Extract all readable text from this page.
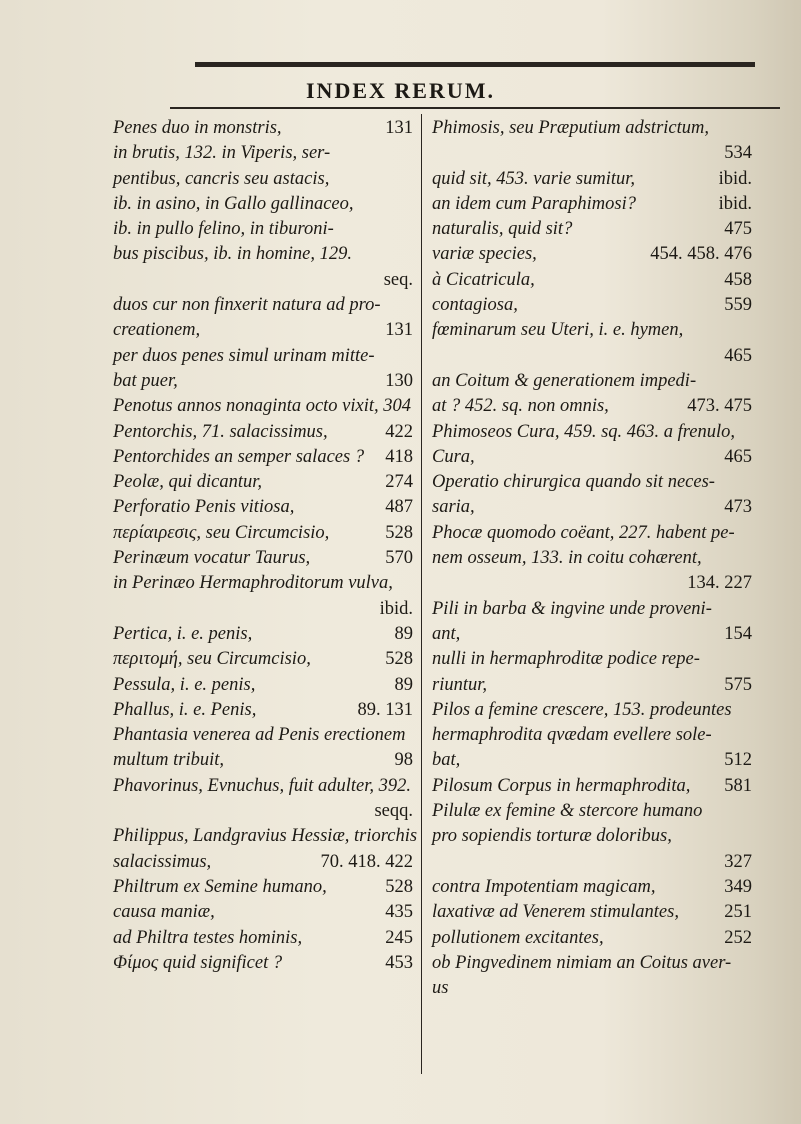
INDEX RERUM.
Penes duo in monstris,	131
in brutis, 132. in Viperis, ser-
pentibus, cancris seu astacis,
ib. in asino, in Gallo gallinaceo,
ib. in pullo felino, in tiburoni-
bus piscibus, ib. in homine, 129.
seq.
duos cur non finxerit natura ad pro-
creationem,	131
per duos penes simul urinam mitte-
bat puer,	130
Penotus annos nonaginta octo vixit, 304
Pentorchis, 71. salacissimus,	422
Pentorchides an semper salaces ? 418
Peolæ, qui dicantur,	274
Perforatio Penis vitiosa,	487
περίαιρεσις, seu Circumcisio,	528
Perinæum vocatur Taurus,	570
in Perinæo Hermaphroditorum vulva,
ibid.
Pertica, i. e. penis,	89
περιτομή, seu Circumcisio,	528
Pessula, i. e. penis,	89
Phallus, i. e. Penis,	89. 131
Phantasia venerea ad Penis erectionem
multum tribuit,	98
Phavorinus, Evnuchus, fuit adulter, 392.
seqq.
Philippus, Landgravius Hessiæ, triorchis
salacissimus,	70. 418. 422
Philtrum ex Semine humano,	528
causa maniæ,	435
ad Philtra testes hominis,	245
Φίμος quid significet ?	453
Phimosis, seu Præputium adstrictum,
534
quid sit, 453. varie sumitur,	ibid.
an idem cum Paraphimosi?	ibid.
naturalis, quid sit?	475
variæ species,	454. 458. 476
à Cicatricula,	458
contagiosa,	559
fœminarum seu Uteri, i. e. hymen,
465
an Coitum & generationem impedi-
at ? 452. sq. non omnis,	473. 475
Phimoseos Cura, 459. sq. 463. a frenulo,
Cura,	465
Operatio chirurgica quando sit neces-
saria,	473
Phocæ quomodo coëant, 227. habent pe-
nem osseum, 133. in coitu cohærent,
134. 227
Pili in barba & ingvine unde proveni-
ant,	154
nulli in hermaphroditæ podice repe-
riuntur,	575
Pilos a femine crescere, 153. prodeuntes
hermaphrodita qvædam evellere sole-
bat,	512
Pilosum Corpus in hermaphrodita, 581
Pilulæ ex femine & stercore humano
pro sopiendis torturæ doloribus,
327
contra Impotentiam magicam,	349
laxativæ ad Venerem stimulantes, 251
pollutionem excitantes,	252
ob Pingvedinem nimiam an Coitus aver-
us
